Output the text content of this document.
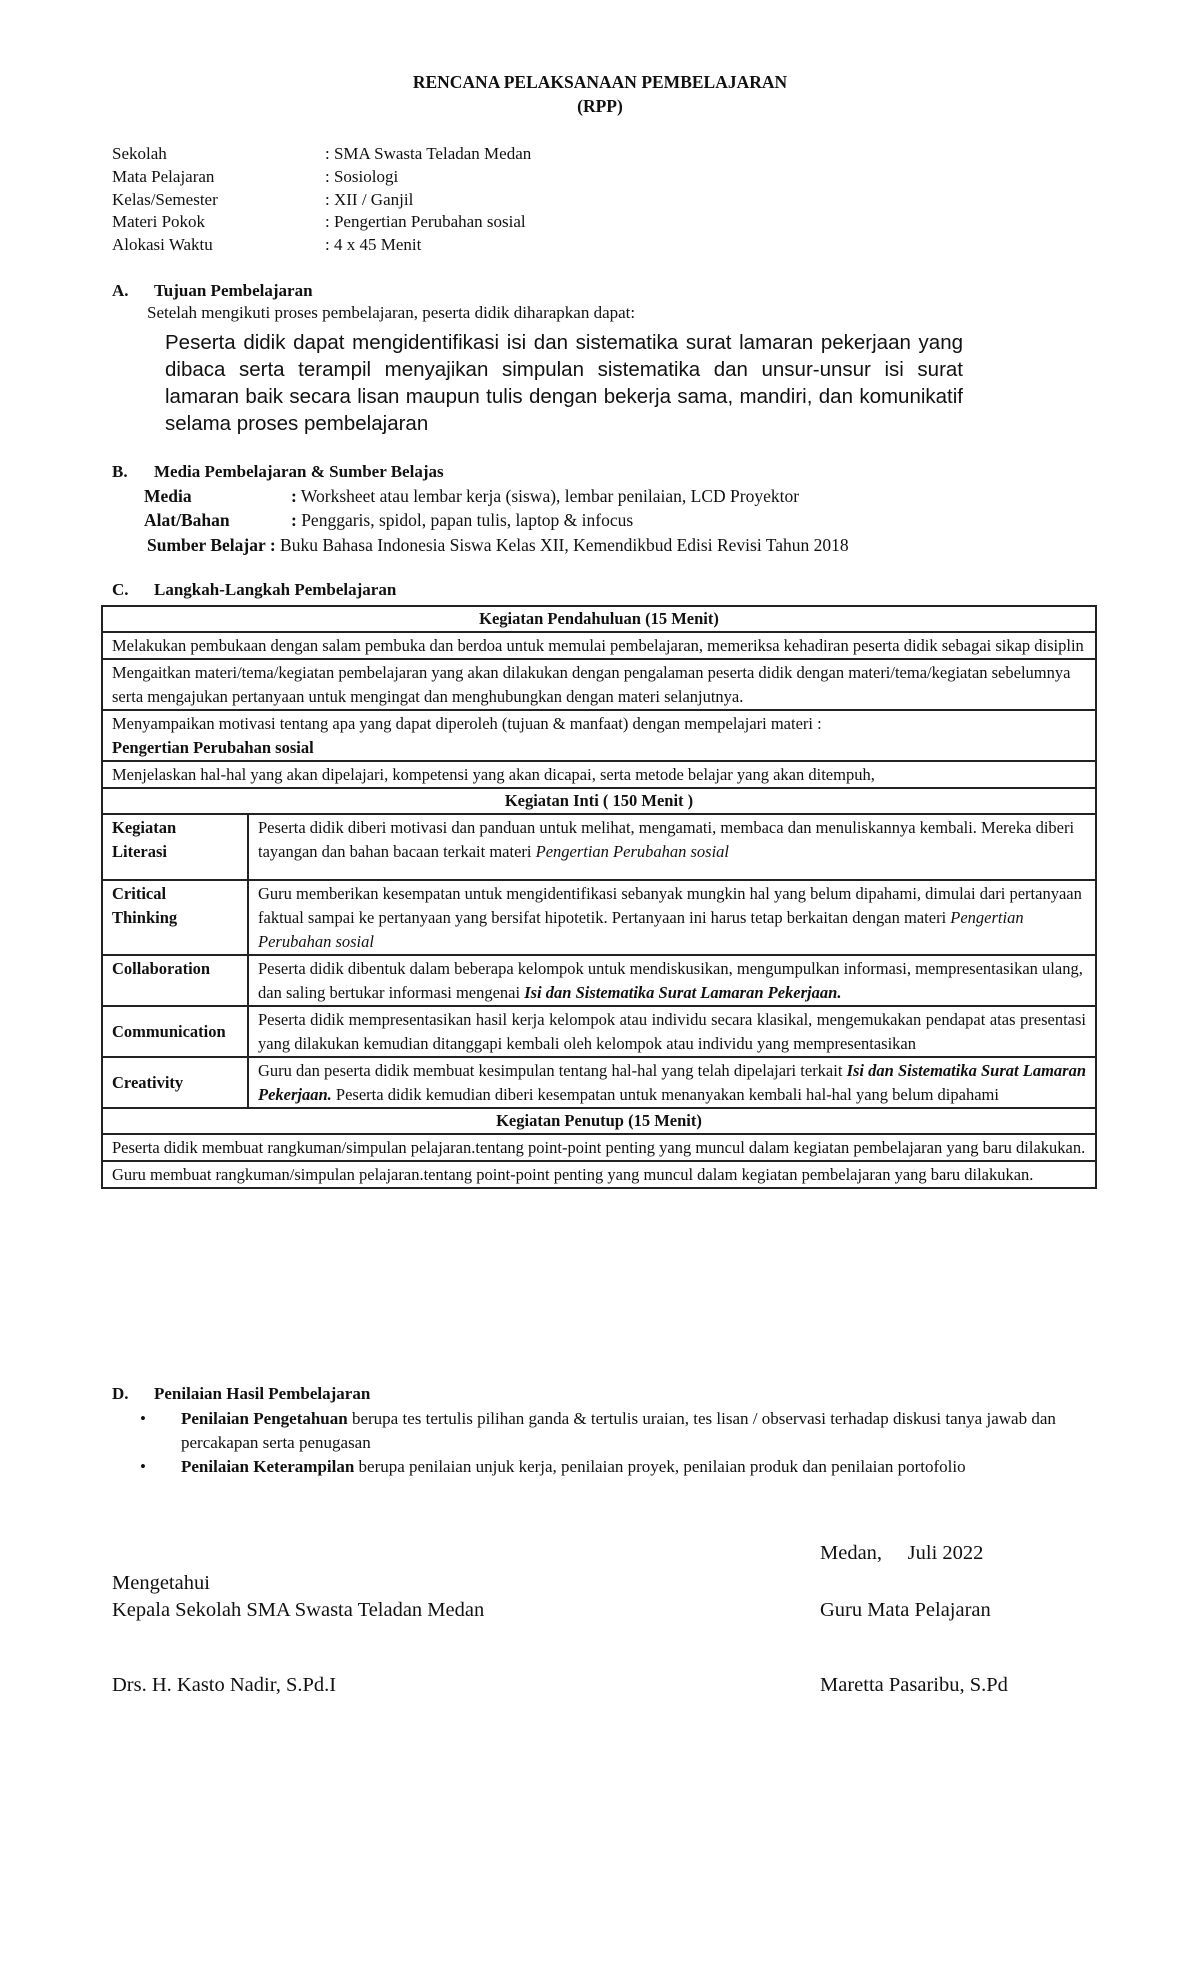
RENCANA PELAKSANAAN PEMBELAJARAN
(RPP)
Sekolah	: SMA Swasta Teladan Medan
Mata Pelajaran	: Sosiologi
Kelas/Semester	: XII / Ganjil
Materi Pokok	: Pengertian Perubahan sosial
Alokasi Waktu	: 4 x 45 Menit
A. Tujuan Pembelajaran
Setelah mengikuti proses pembelajaran, peserta didik diharapkan dapat:
Peserta didik dapat mengidentifikasi isi dan sistematika surat lamaran pekerjaan yang dibaca serta terampil menyajikan simpulan sistematika dan unsur-unsur isi surat lamaran baik secara lisan maupun tulis dengan bekerja sama, mandiri, dan komunikatif selama proses pembelajaran
B. Media Pembelajaran & Sumber Belajas
Media	: Worksheet atau lembar kerja (siswa), lembar penilaian, LCD Proyektor
Alat/Bahan	: Penggaris, spidol, papan tulis, laptop & infocus
Sumber Belajar : Buku Bahasa Indonesia Siswa Kelas XII, Kemendikbud Edisi Revisi Tahun 2018
C. Langkah-Langkah Pembelajaran
Kegiatan Pendahuluan (15 Menit)	
Melakukan pembukaan dengan salam pembuka dan berdoa untuk memulai pembelajaran, memeriksa kehadiran peserta didik sebagai sikap disiplin	
Mengaitkan materi/tema/kegiatan pembelajaran yang akan dilakukan dengan pengalaman peserta didik dengan materi/tema/kegiatan sebelumnya serta mengajukan pertanyaan untuk mengingat dan menghubungkan dengan materi selanjutnya.	

Menyampaikan motivasi tentang apa yang dapat diperoleh (tujuan & manfaat) dengan mempelajari materi :
Pengertian Perubahan sosial	

Menjelaskan hal-hal yang akan dipelajari, kompetensi yang akan dicapai, serta metode belajar yang akan ditempuh,	
Kegiatan Inti ( 150 Menit )	

Kegiatan Literasi	Peserta didik diberi motivasi dan panduan untuk melihat, mengamati, membaca dan menuliskannya kembali. Mereka diberi tayangan dan bahan bacaan terkait materi Pengertian Perubahan sosial

Critical Thinking	Guru memberikan kesempatan untuk mengidentifikasi sebanyak mungkin hal yang belum dipahami, dimulai dari pertanyaan faktual sampai ke pertanyaan yang bersifat hipotetik. Pertanyaan ini harus tetap berkaitan dengan materi Pengertian Perubahan sosial
Collaboration	Peserta didik dibentuk dalam beberapa kelompok untuk mendiskusikan, mengumpulkan informasi, mempresentasikan ulang, dan saling bertukar informasi mengenai Isi dan Sistematika Surat Lamaran Pekerjaan.
Communication	Peserta didik mempresentasikan hasil kerja kelompok atau individu secara klasikal, mengemukakan pendapat atas presentasi yang dilakukan kemudian ditanggapi kembali oleh kelompok atau individu yang mempresentasikan
Creativity	Guru dan peserta didik membuat kesimpulan tentang hal-hal yang telah dipelajari terkait Isi dan Sistematika Surat Lamaran Pekerjaan. Peserta didik kemudian diberi kesempatan untuk menanyakan kembali hal-hal yang belum dipahami
Kegiatan Penutup (15 Menit)	
Peserta didik membuat rangkuman/simpulan pelajaran.tentang point-point penting yang muncul dalam kegiatan pembelajaran yang baru dilakukan.	
Guru membuat rangkuman/simpulan pelajaran.tentang point-point penting yang muncul dalam kegiatan pembelajaran yang baru dilakukan.	
D. Penilaian Hasil Pembelajaran
• Penilaian Pengetahuan berupa tes tertulis pilihan ganda & tertulis uraian, tes lisan / observasi terhadap diskusi tanya jawab dan percakapan serta penugasan
• Penilaian Keterampilan berupa penilaian unjuk kerja, penilaian proyek, penilaian produk dan penilaian portofolio
Medan,     Juli 2022
Mengetahui
Kepala Sekolah SMA Swasta Teladan Medan	Guru Mata Pelajaran
Drs. H. Kasto Nadir, S.Pd.I	Maretta Pasaribu, S.Pd
